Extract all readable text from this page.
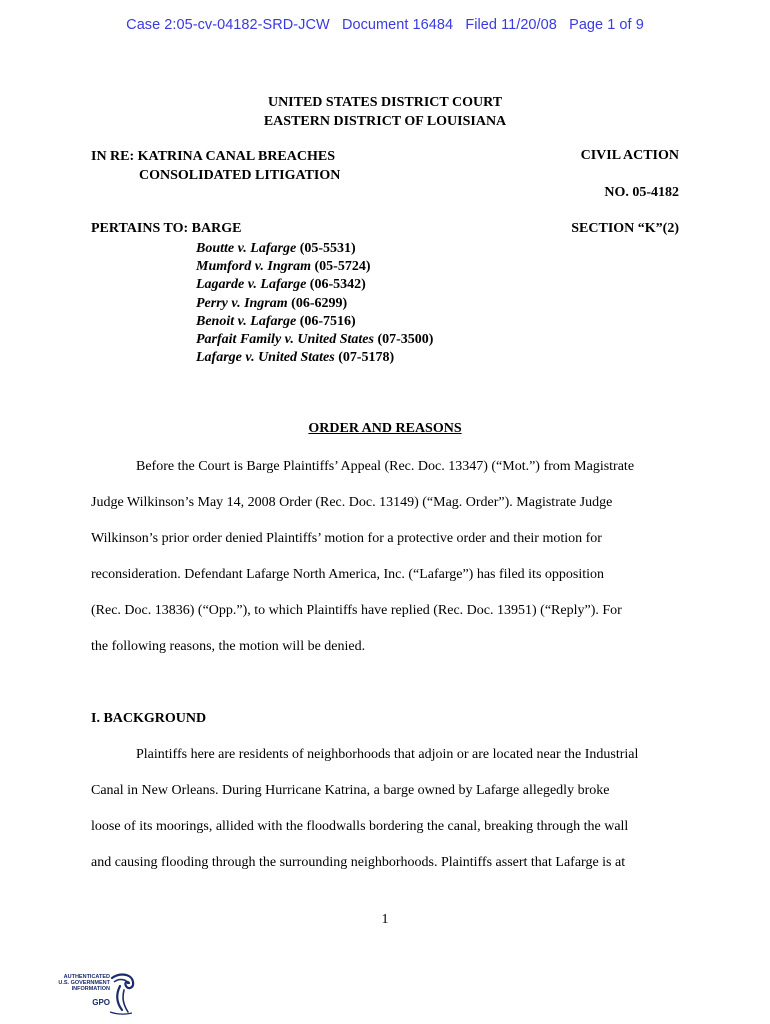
Case 2:05-cv-04182-SRD-JCW   Document 16484   Filed 11/20/08   Page 1 of 9
UNITED STATES DISTRICT COURT
EASTERN DISTRICT OF LOUISIANA
IN RE: KATRINA CANAL BREACHES
CONSOLIDATED LITIGATION
CIVIL ACTION
NO. 05-4182
PERTAINS TO: BARGE	SECTION “K”(2)
Boutte v. Lafarge (05-5531)
Mumford v. Ingram (05-5724)
Lagarde v. Lafarge (06-5342)
Perry v. Ingram (06-6299)
Benoit v. Lafarge (06-7516)
Parfait Family v. United States (07-3500)
Lafarge v. United States (07-5178)
ORDER AND REASONS
Before the Court is Barge Plaintiffs’ Appeal (Rec. Doc. 13347) (“Mot.”) from Magistrate
Judge Wilkinson’s May 14, 2008 Order (Rec. Doc. 13149) (“Mag. Order”). Magistrate Judge
Wilkinson’s prior order denied Plaintiffs’ motion for a protective order and their motion for
reconsideration. Defendant Lafarge North America, Inc. (“Lafarge”) has filed its opposition
(Rec. Doc. 13836) (“Opp.”), to which Plaintiffs have replied (Rec. Doc. 13951) (“Reply”). For
the following reasons, the motion will be denied.
I. BACKGROUND
Plaintiffs here are residents of neighborhoods that adjoin or are located near the Industrial
Canal in New Orleans. During Hurricane Katrina, a barge owned by Lafarge allegedly broke
loose of its moorings, allided with the floodwalls bordering the canal, breaking through the wall
and causing flooding through the surrounding neighborhoods. Plaintiffs assert that Lafarge is at
1
AUTHENTICATED
U.S. GOVERNMENT
INFORMATION
GPO
